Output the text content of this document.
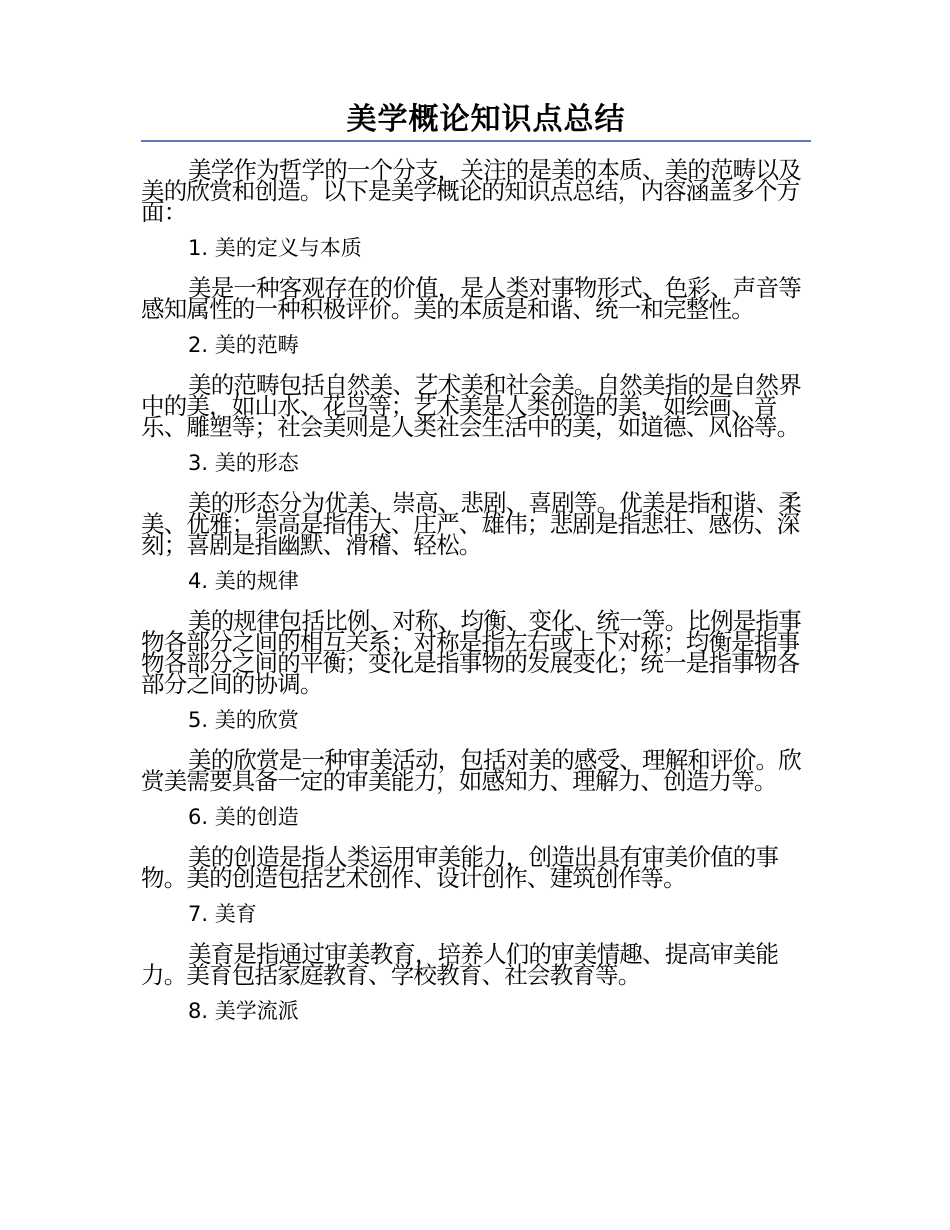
美学概论知识点总结

美学作为哲学的一个分支，关注的是美的本质、美的范畴以及美的欣赏和创造。以下是美学概论的知识点总结，内容涵盖多个方面：

1. 美的定义与本质

美是一种客观存在的价值，是人类对事物形式、色彩、声音等感知属性的一种积极评价。美的本质是和谐、统一和完整性。

2. 美的范畴

美的范畴包括自然美、艺术美和社会美。自然美指的是自然界中的美，如山水、花鸟等；艺术美是人类创造的美，如绘画、音乐、雕塑等；社会美则是人类社会生活中的美，如道德、风俗等。

3. 美的形态

美的形态分为优美、崇高、悲剧、喜剧等。优美是指和谐、柔美、优雅；崇高是指伟大、庄严、雄伟；悲剧是指悲壮、感伤、深刻；喜剧是指幽默、滑稽、轻松。

4. 美的规律

美的规律包括比例、对称、均衡、变化、统一等。比例是指事物各部分之间的相互关系；对称是指左右或上下对称；均衡是指事物各部分之间的平衡；变化是指事物的发展变化；统一是指事物各部分之间的协调。

5. 美的欣赏

美的欣赏是一种审美活动，包括对美的感受、理解和评价。欣赏美需要具备一定的审美能力，如感知力、理解力、创造力等。

6. 美的创造

美的创造是指人类运用审美能力，创造出具有审美价值的事物。美的创造包括艺术创作、设计创作、建筑创作等。

7. 美育

美育是指通过审美教育，培养人们的审美情趣、提高审美能力。美育包括家庭教育、学校教育、社会教育等。

8. 美学流派
